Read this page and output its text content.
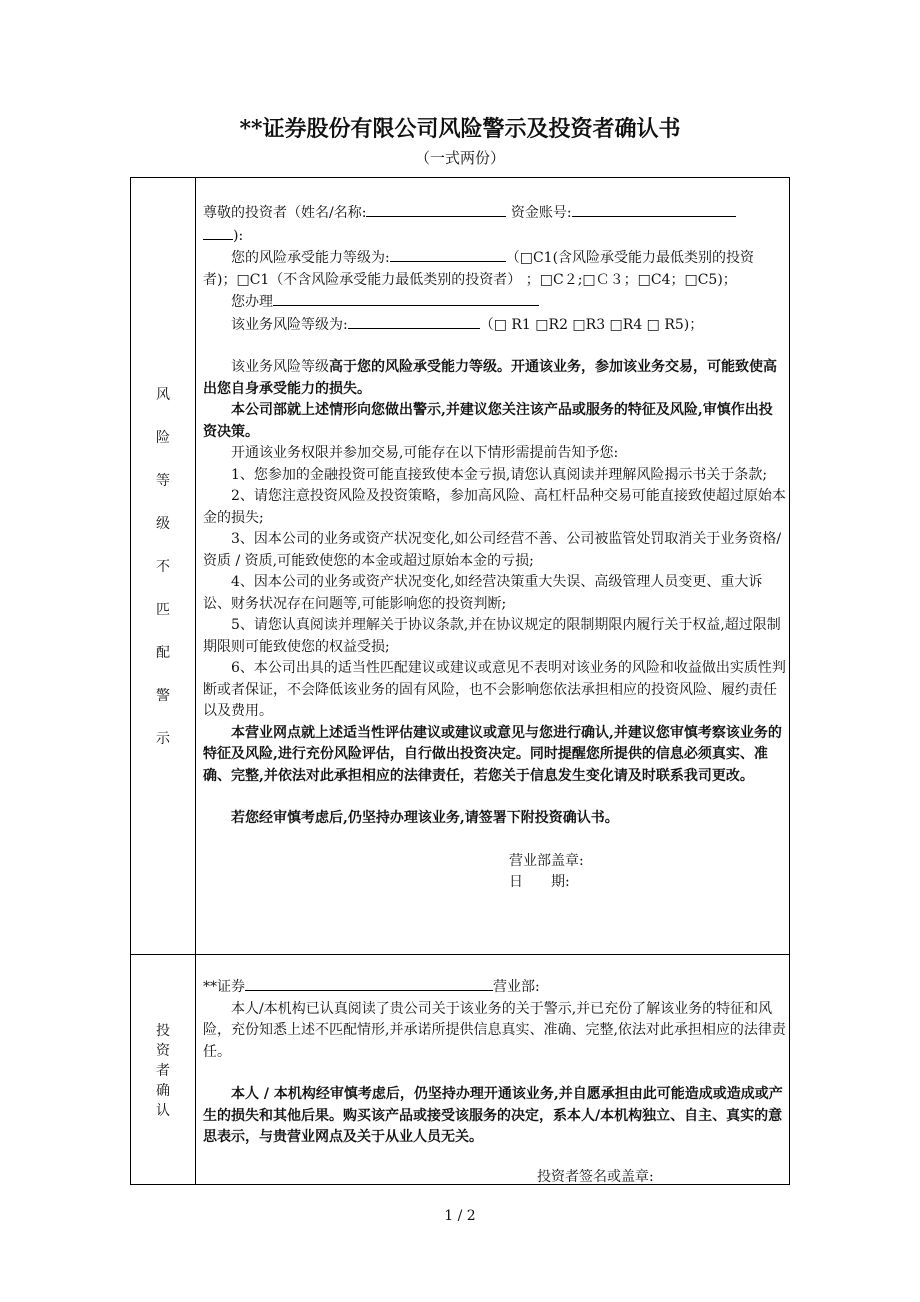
**证券股份有限公司风险警示及投资者确认书
（一式两份）
风
险
等
级
不
匹
配
警
示

尊敬的投资者（姓名/名称:	资金账号:

):

您的风险承受能力等级为:	（□C1(含风险承受能力最低类别的投资者)；□C1（不含风险承受能力最低类别的投资者） ；□C２;□Ｃ３；□C4；□C5)；

您办理

该业务风险等级为:	（□ R1 □R2 □R3 □R4 □ R5)；

该业务风险等级高于您的风险承受能力等级。开通该业务，参加该业务交易，可能致使高出您自身承受能力的损失。

本公司部就上述情形向您做出警示,并建议您关注该产品或服务的特征及风险,审慎作出投资决策。

开通该业务权限并参加交易,可能存在以下情形需提前告知予您:

1、您参加的金融投资可能直接致使本金亏损,请您认真阅读并理解风险揭示书关于条款;

2、请您注意投资风险及投资策略，参加高风险、高杠杆品种交易可能直接致使超过原始本金的损失;

3、因本公司的业务或资产状况变化,如公司经营不善、公司被监管处罚取消关于业务资格/资质 / 资质,可能致使您的本金或超过原始本金的亏损;

4、因本公司的业务或资产状况变化,如经营决策重大失误、高级管理人员变更、重大诉讼、财务状况存在问题等,可能影响您的投资判断;

5、请您认真阅读并理解关于协议条款,并在协议规定的限制期限内履行关于权益,超过限制期限则可能致使您的权益受损;

6、本公司出具的适当性匹配建议或建议或意见不表明对该业务的风险和收益做出实质性判断或者保证，不会降低该业务的固有风险，也不会影响您依法承担相应的投资风险、履约责任以及费用。

本营业网点就上述适当性评估建议或建议或意见与您进行确认,并建议您审慎考察该业务的特征及风险,进行充份风险评估，自行做出投资决定。同时提醒您所提供的信息必须真实、准确、完整,并依法对此承担相应的法律责任，若您关于信息发生变化请及时联系我司更改。

若您经审慎考虑后,仍坚持办理该业务,请签署下附投资确认书。

营业部盖章:

日　　期:

投
资
者
确
认

**证券	营业部:

本人/本机构已认真阅读了贵公司关于该业务的关于警示,并已充份了解该业务的特征和风险，充份知悉上述不匹配情形,并承诺所提供信息真实、准确、完整,依法对此承担相应的法律责任。

本人 / 本机构经审慎考虑后，仍坚持办理开通该业务,并自愿承担由此可能造成或造成或产生的损失和其他后果。购买该产品或接受该服务的决定，系本人/本机构独立、自主、真实的意思表示，与贵营业网点及关于从业人员无关。

投资者签名或盖章:

1 / 2
